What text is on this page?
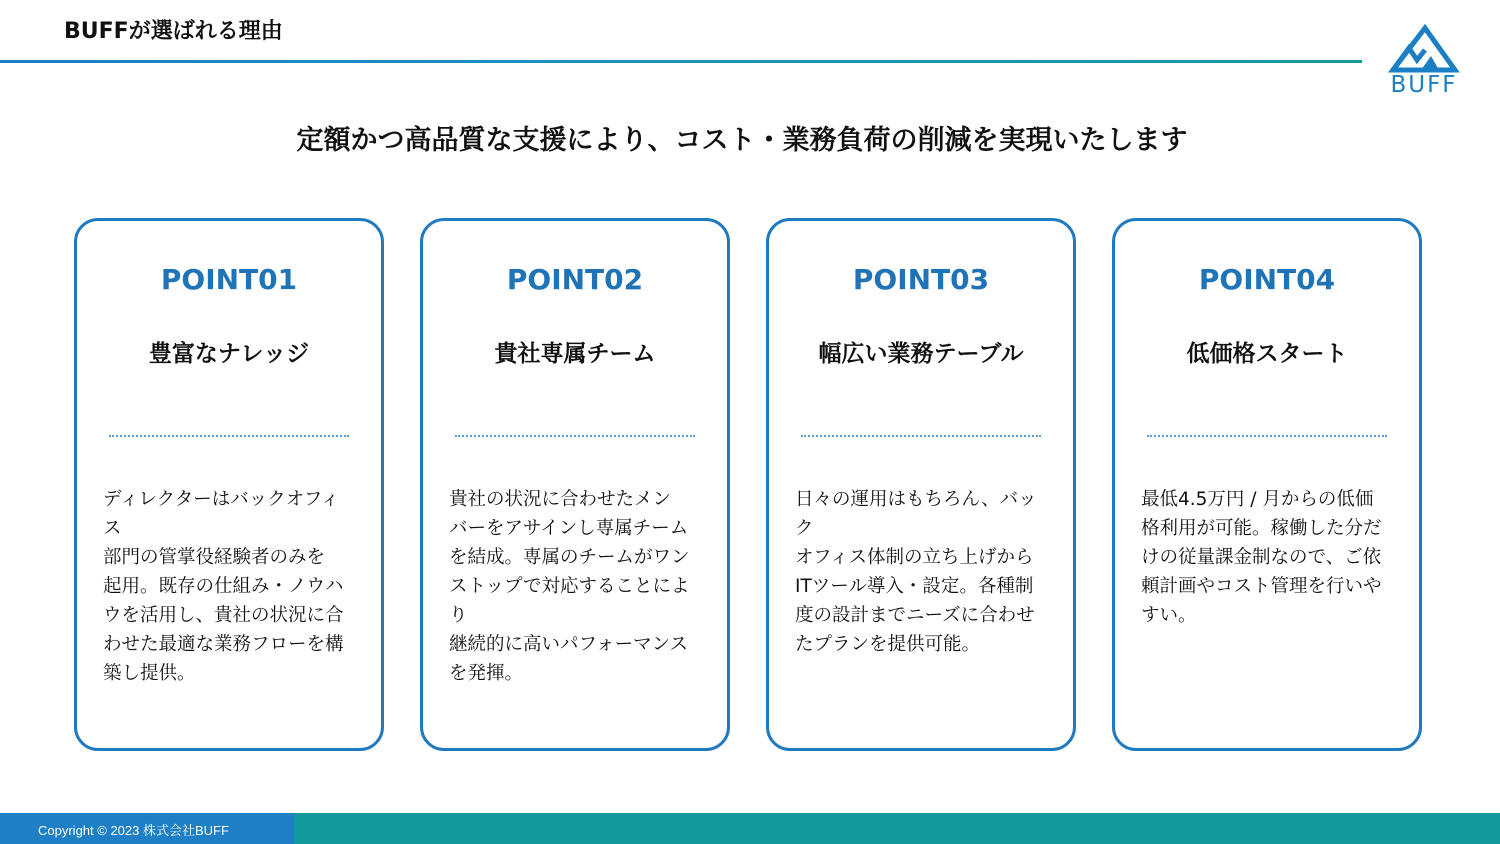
BUFFが選ばれる理由
BUFF
定額かつ高品質な支援により、コスト・業務負荷の削減を実現いたします
POINT01
豊富なナレッジ
ディレクターはバックオフィス
部門の管掌役経験者のみを
起用。既存の仕組み・ノウハ
ウを活用し、貴社の状況に合
わせた最適な業務フローを構
築し提供。
POINT02
貴社専属チーム
貴社の状況に合わせたメン
バーをアサインし専属チーム
を結成。専属のチームがワン
ストップで対応することにより
継続的に高いパフォーマンス
を発揮。
POINT03
幅広い業務テーブル
日々の運用はもちろん、バック
オフィス体制の立ち上げから
ITツール導入・設定。各種制
度の設計までニーズに合わせ
たプランを提供可能。
POINT04
低価格スタート
最低4.5万円 / 月からの低価
格利用が可能。稼働した分だ
けの従量課金制なので、ご依
頼計画やコスト管理を行いや
すい。
Copyright © 2023 株式会社BUFF
